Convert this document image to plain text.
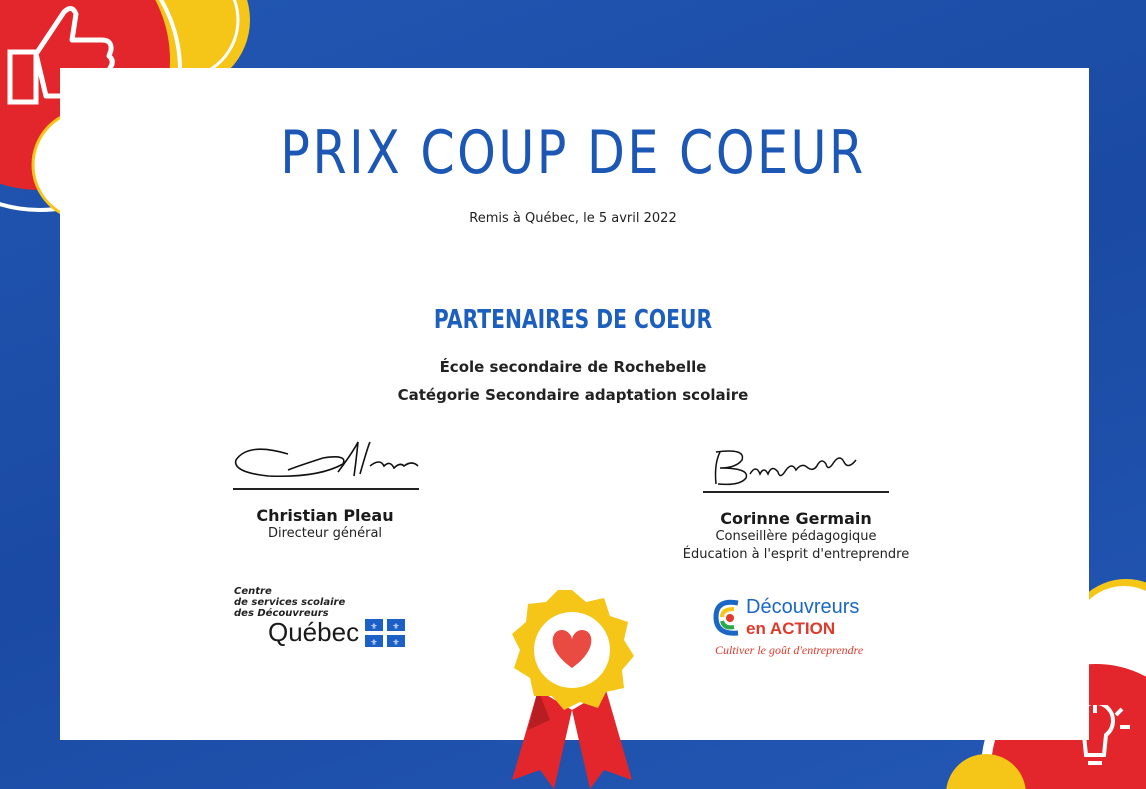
PRIX COUP DE COEUR
Remis à Québec, le 5 avril 2022
PARTENAIRES DE COEUR
École secondaire de Rochebelle
Catégorie Secondaire adaptation scolaire
Christian Pleau
Directeur général
Corinne Germain
Conseillère pédagogique
Éducation à l'esprit d'entreprendre
Centre
de services scolaire
des Découvreurs
Québec ⚜ ⚜
⚜ ⚜
Découvreurs
en ACTION
Cultiver le goût d'entreprendre
